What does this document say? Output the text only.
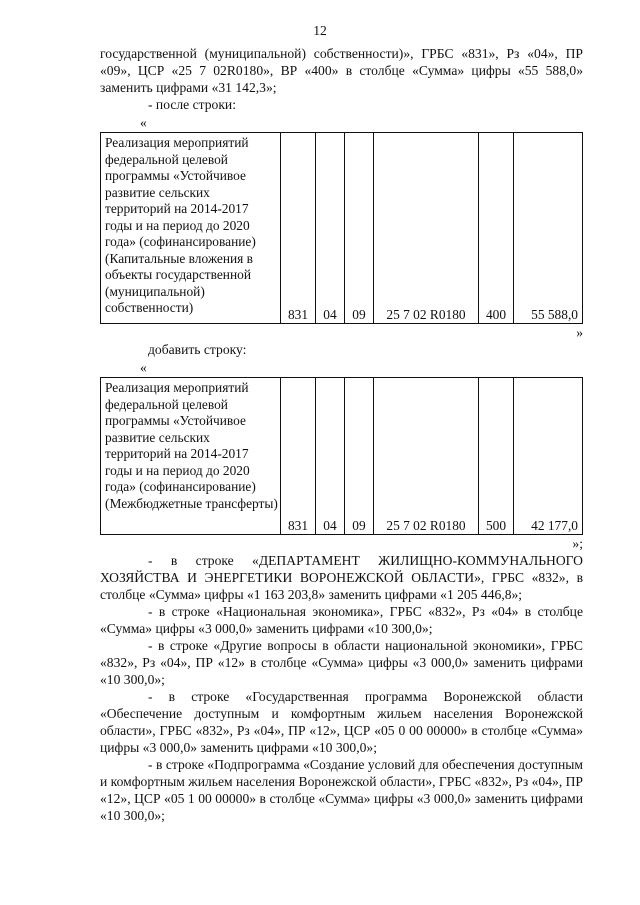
12

государственной (муниципальной) собственности)», ГРБС «831», Рз «04», ПР «09», ЦСР «25 7 02R0180», ВР «400» в столбце «Сумма» цифры «55 588,0» заменить цифрами «31 142,3»;

- после строки:

«

Реализация мероприятий федеральной целевой программы «Устойчивое развитие сельских территорий на 2014-2017 годы и на период до 2020 года» (софинансирование) (Капитальные вложения в объекты государственной (муниципальной) собственности)	831	04	09	25 7 02 R0180	400	55 588,0

»

добавить строку:

«

Реализация мероприятий федеральной целевой программы «Устойчивое развитие сельских территорий на 2014-2017 годы и на период до 2020 года» (софинансирование) (Межбюджетные трансферты)	831	04	09	25 7 02 R0180	500	42 177,0

»;

- в строке «ДЕПАРТАМЕНТ ЖИЛИЩНО-КОММУНАЛЬНОГО ХОЗЯЙСТВА И ЭНЕРГЕТИКИ ВОРОНЕЖСКОЙ ОБЛАСТИ», ГРБС «832», в столбце «Сумма» цифры «1 163 203,8» заменить цифрами «1 205 446,8»;

- в строке «Национальная экономика», ГРБС «832», Рз «04» в столбце «Сумма» цифры «3 000,0» заменить цифрами «10 300,0»;

- в строке «Другие вопросы в области национальной экономики», ГРБС «832», Рз «04», ПР «12» в столбце «Сумма» цифры «3 000,0» заменить цифрами «10 300,0»;

- в строке «Государственная программа Воронежской области «Обеспечение доступным и комфортным жильем населения Воронежской области», ГРБС «832», Рз «04», ПР «12», ЦСР «05 0 00 00000» в столбце «Сумма» цифры «3 000,0» заменить цифрами «10 300,0»;

- в строке «Подпрограмма «Создание условий для обеспечения доступным и комфортным жильем населения Воронежской области», ГРБС «832», Рз «04», ПР «12», ЦСР «05 1 00 00000» в столбце «Сумма» цифры «3 000,0» заменить цифрами «10 300,0»;
